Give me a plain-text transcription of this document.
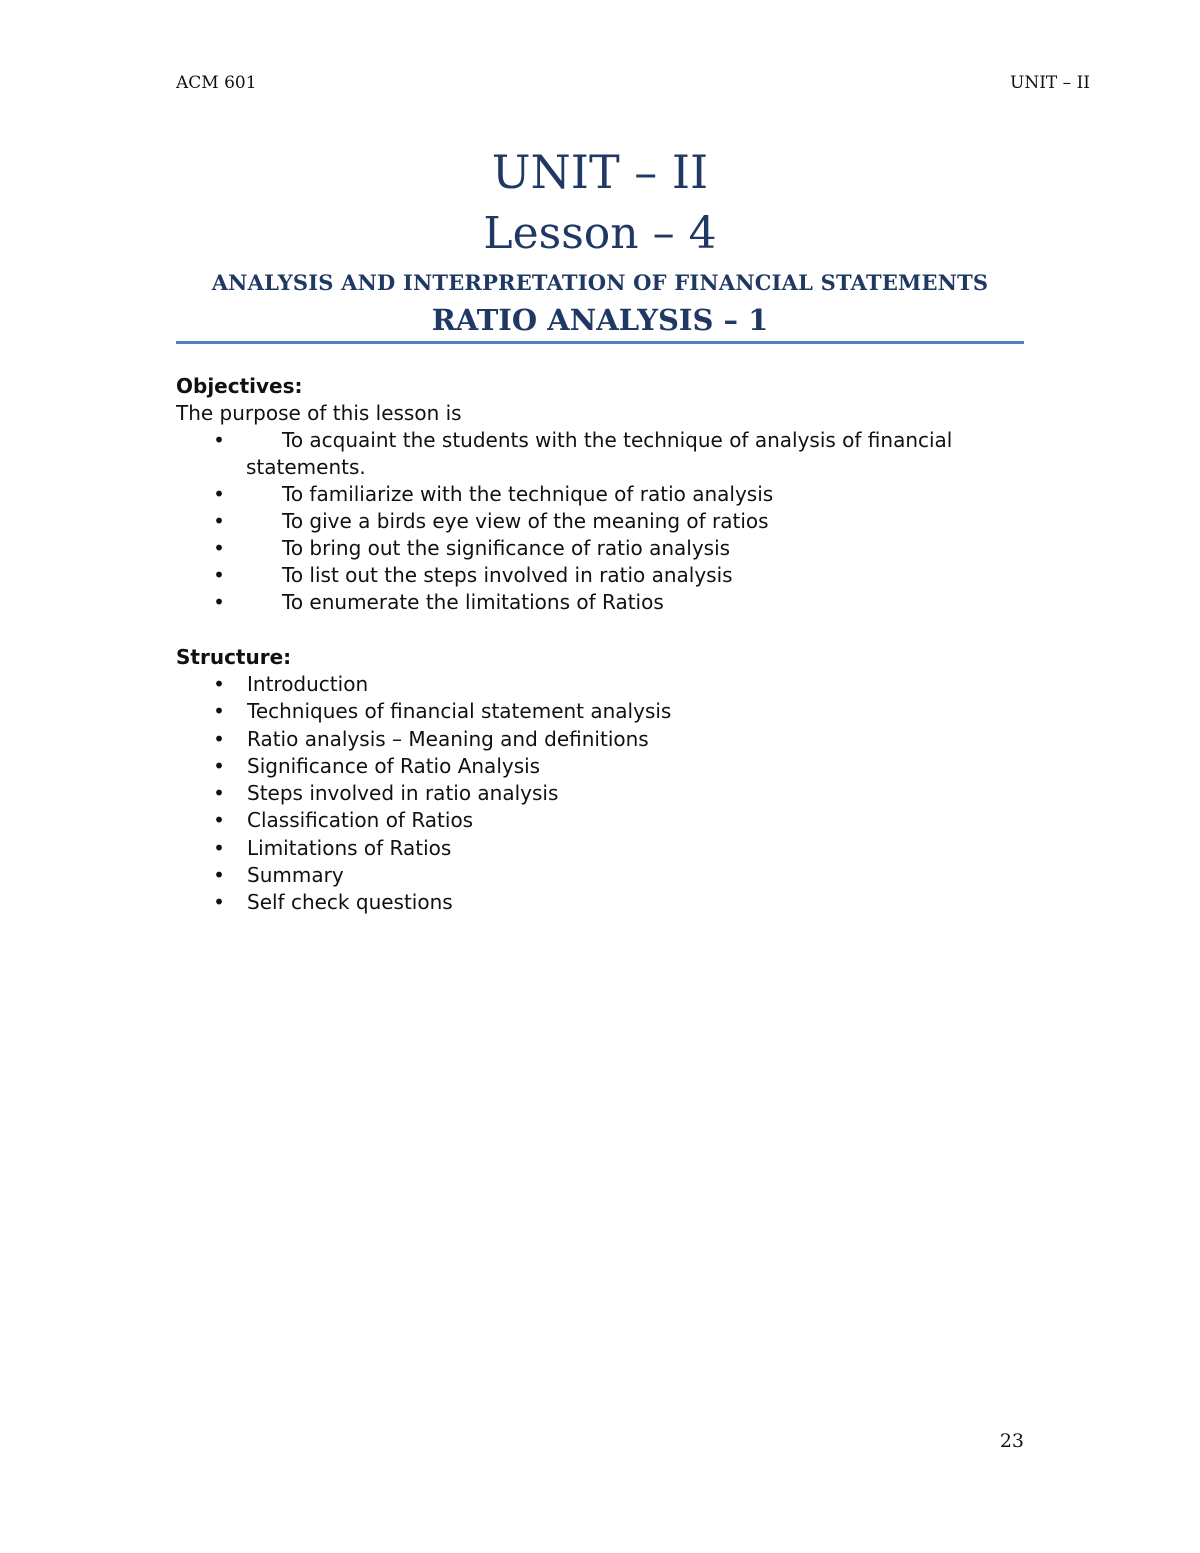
ACM 601	UNIT – II
UNIT – II
Lesson – 4
ANALYSIS AND INTERPRETATION OF FINANCIAL STATEMENTS
RATIO ANALYSIS – 1
Objectives:
The purpose of this lesson is
•	To acquaint the students with the technique of analysis of financial statements.
•	To familiarize with the technique of ratio analysis
•	To give a birds eye view of the meaning of ratios
•	To bring out the significance of ratio analysis
•	To list out the steps involved in ratio analysis
•	To enumerate the limitations of Ratios
Structure:
•	Introduction
•	Techniques of financial statement analysis
•	Ratio analysis – Meaning and definitions
•	Significance of Ratio Analysis
•	Steps involved in ratio analysis
•	Classification of Ratios
•	Limitations of Ratios
•	Summary
•	Self check questions
23
